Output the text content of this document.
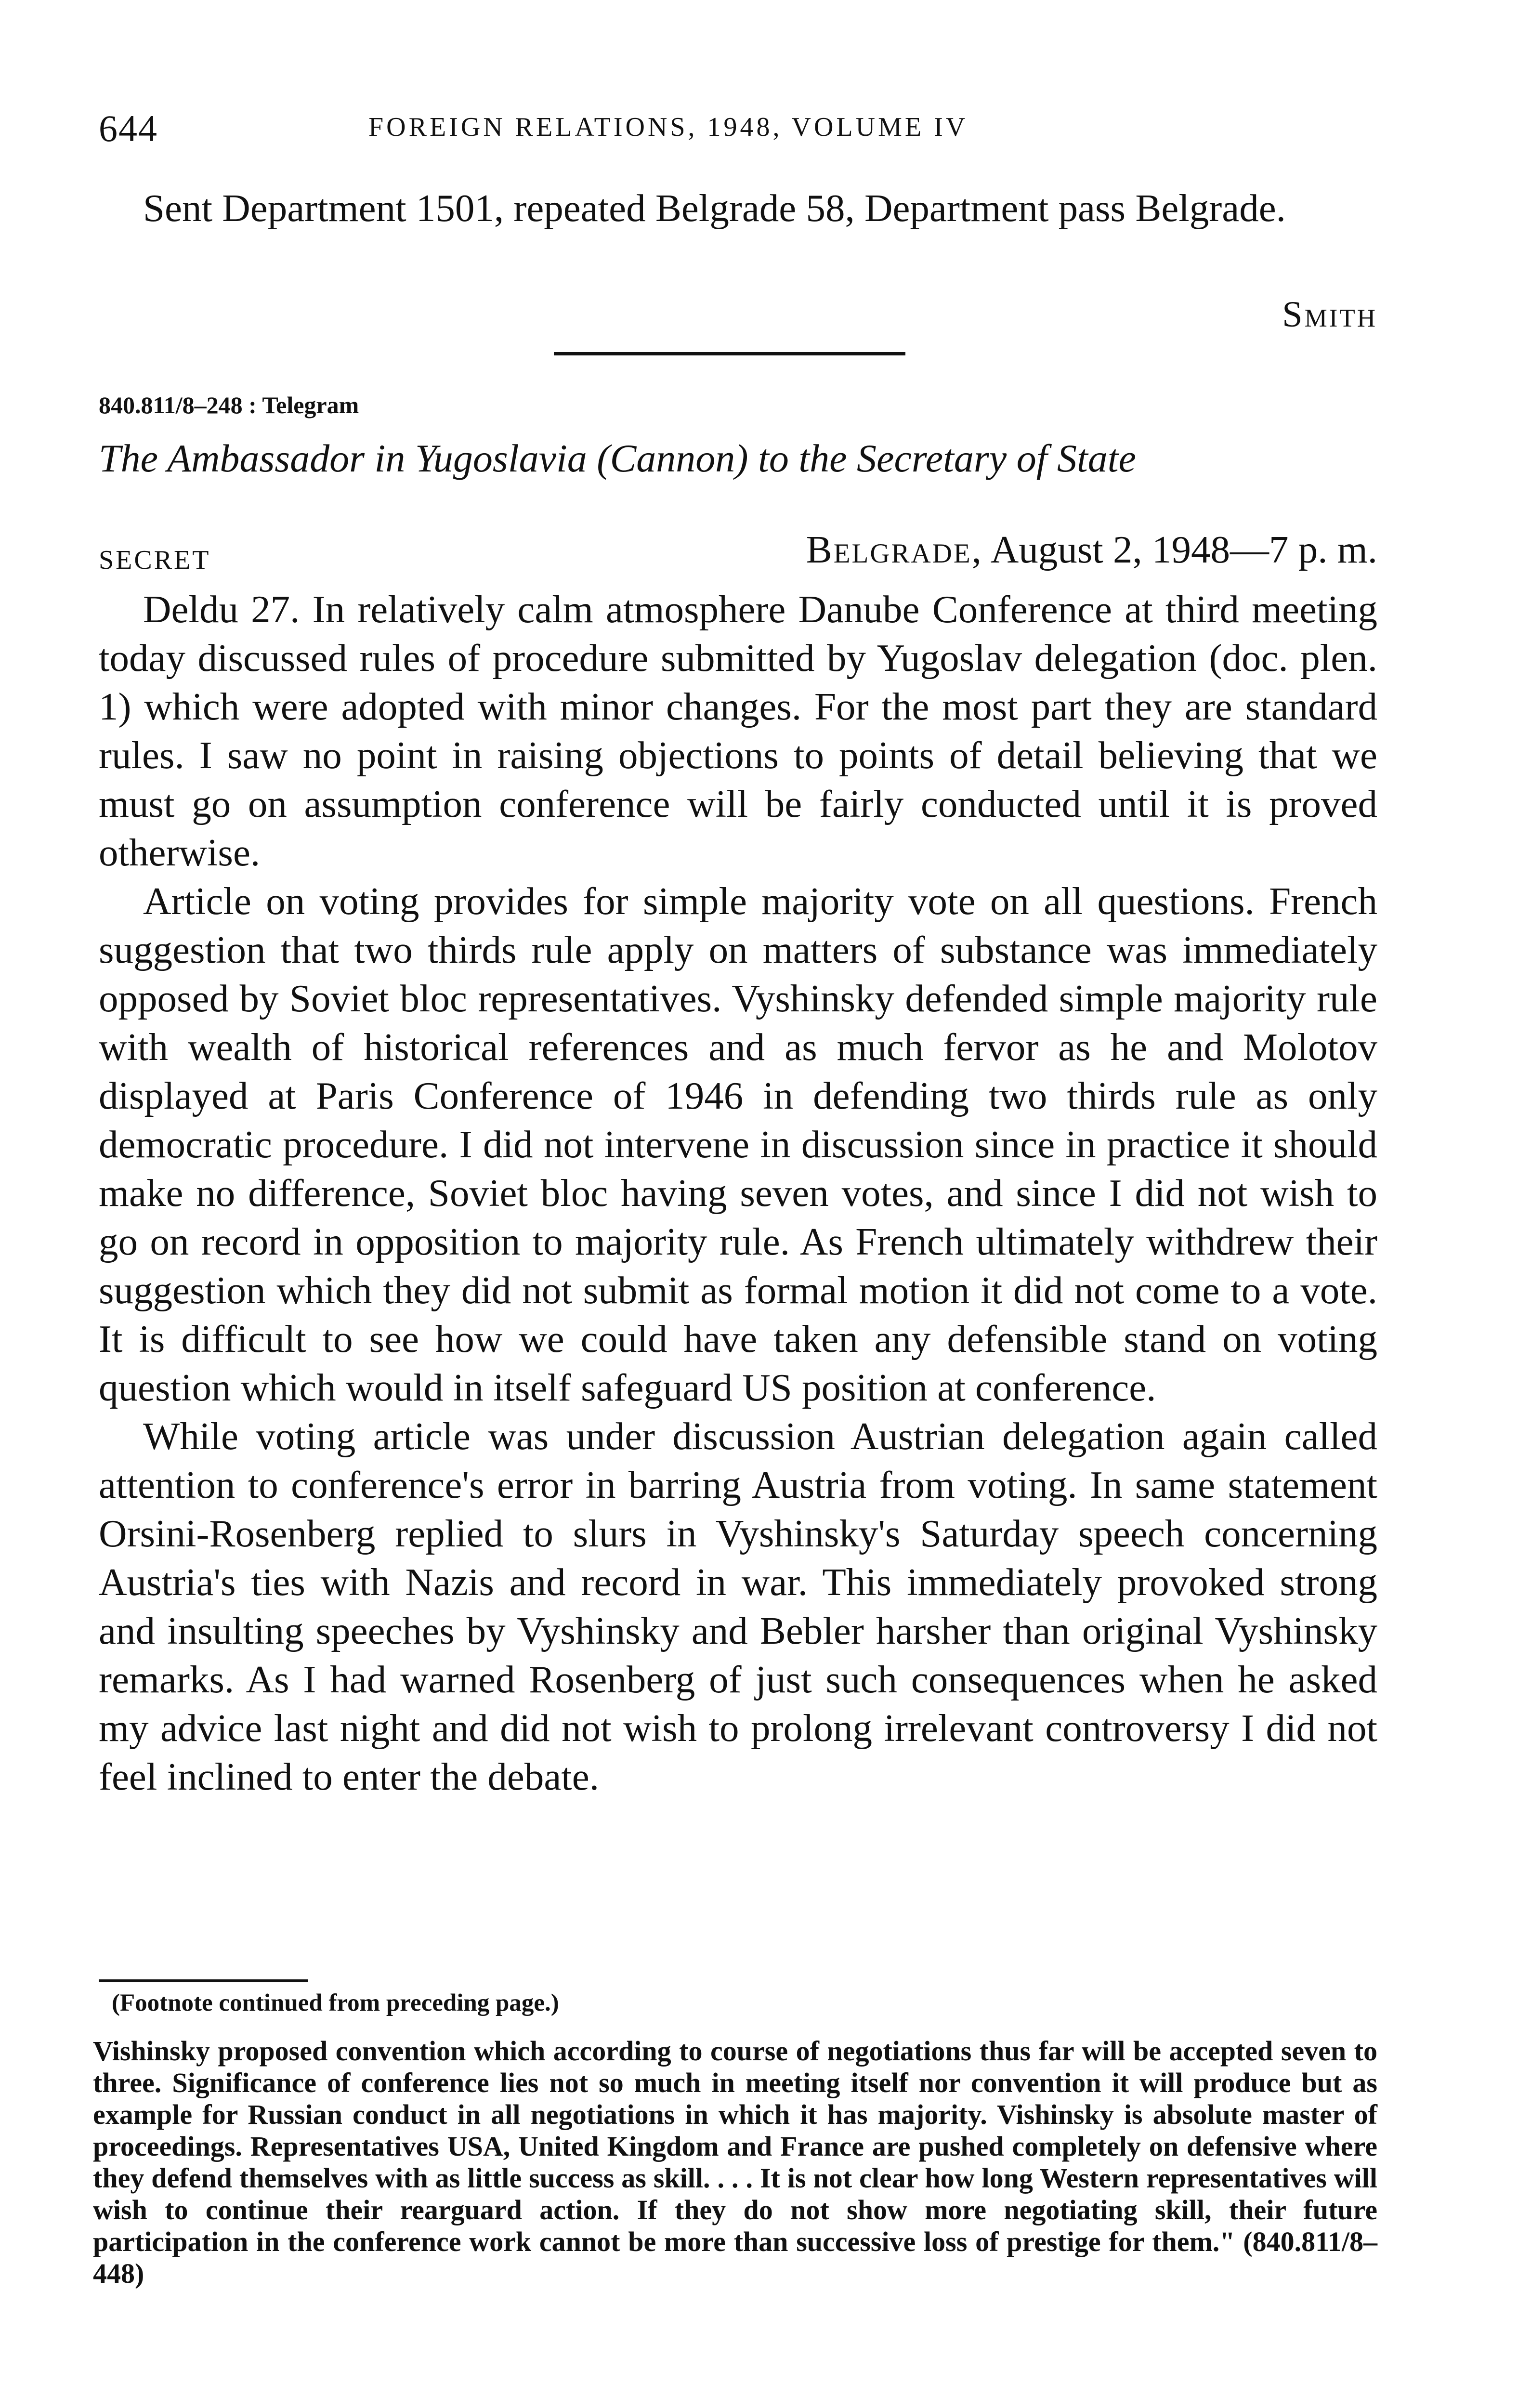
644	FOREIGN RELATIONS, 1948, VOLUME IV
Sent Department 1501, repeated Belgrade 58, Department pass Belgrade.
Smith
840.811/8–248 : Telegram
The Ambassador in Yugoslavia (Cannon) to the Secretary of State
SECRET	Belgrade, August 2, 1948—7 p. m.

Deldu 27. In relatively calm atmosphere Danube Conference at third meeting today discussed rules of procedure submitted by Yugoslav delegation (doc. plen. 1) which were adopted with minor changes. For the most part they are standard rules. I saw no point in raising objections to points of detail believing that we must go on assumption conference will be fairly conducted until it is proved otherwise.

Article on voting provides for simple majority vote on all questions. French suggestion that two thirds rule apply on matters of substance was immediately opposed by Soviet bloc representatives. Vyshinsky defended simple majority rule with wealth of historical references and as much fervor as he and Molotov displayed at Paris Conference of 1946 in defending two thirds rule as only democratic procedure. I did not intervene in discussion since in practice it should make no difference, Soviet bloc having seven votes, and since I did not wish to go on record in opposition to majority rule. As French ultimately withdrew their suggestion which they did not submit as formal motion it did not come to a vote. It is difficult to see how we could have taken any defensible stand on voting question which would in itself safeguard US position at conference.

While voting article was under discussion Austrian delegation again called attention to conference's error in barring Austria from voting. In same statement Orsini-Rosenberg replied to slurs in Vyshinsky's Saturday speech concerning Austria's ties with Nazis and record in war. This immediately provoked strong and insulting speeches by Vyshinsky and Bebler harsher than original Vyshinsky remarks. As I had warned Rosenberg of just such consequences when he asked my advice last night and did not wish to prolong irrelevant controversy I did not feel inclined to enter the debate.

(Footnote continued from preceding page.)
Vishinsky proposed convention which according to course of negotiations thus far will be accepted seven to three. Significance of conference lies not so much in meeting itself nor convention it will produce but as example for Russian conduct in all negotiations in which it has majority. Vishinsky is absolute master of proceedings. Representatives USA, United Kingdom and France are pushed completely on defensive where they defend themselves with as little success as skill. . . . It is not clear how long Western representatives will wish to continue their rearguard action. If they do not show more negotiating skill, their future participation in the conference work cannot be more than successive loss of prestige for them." (840.811/8–448)
